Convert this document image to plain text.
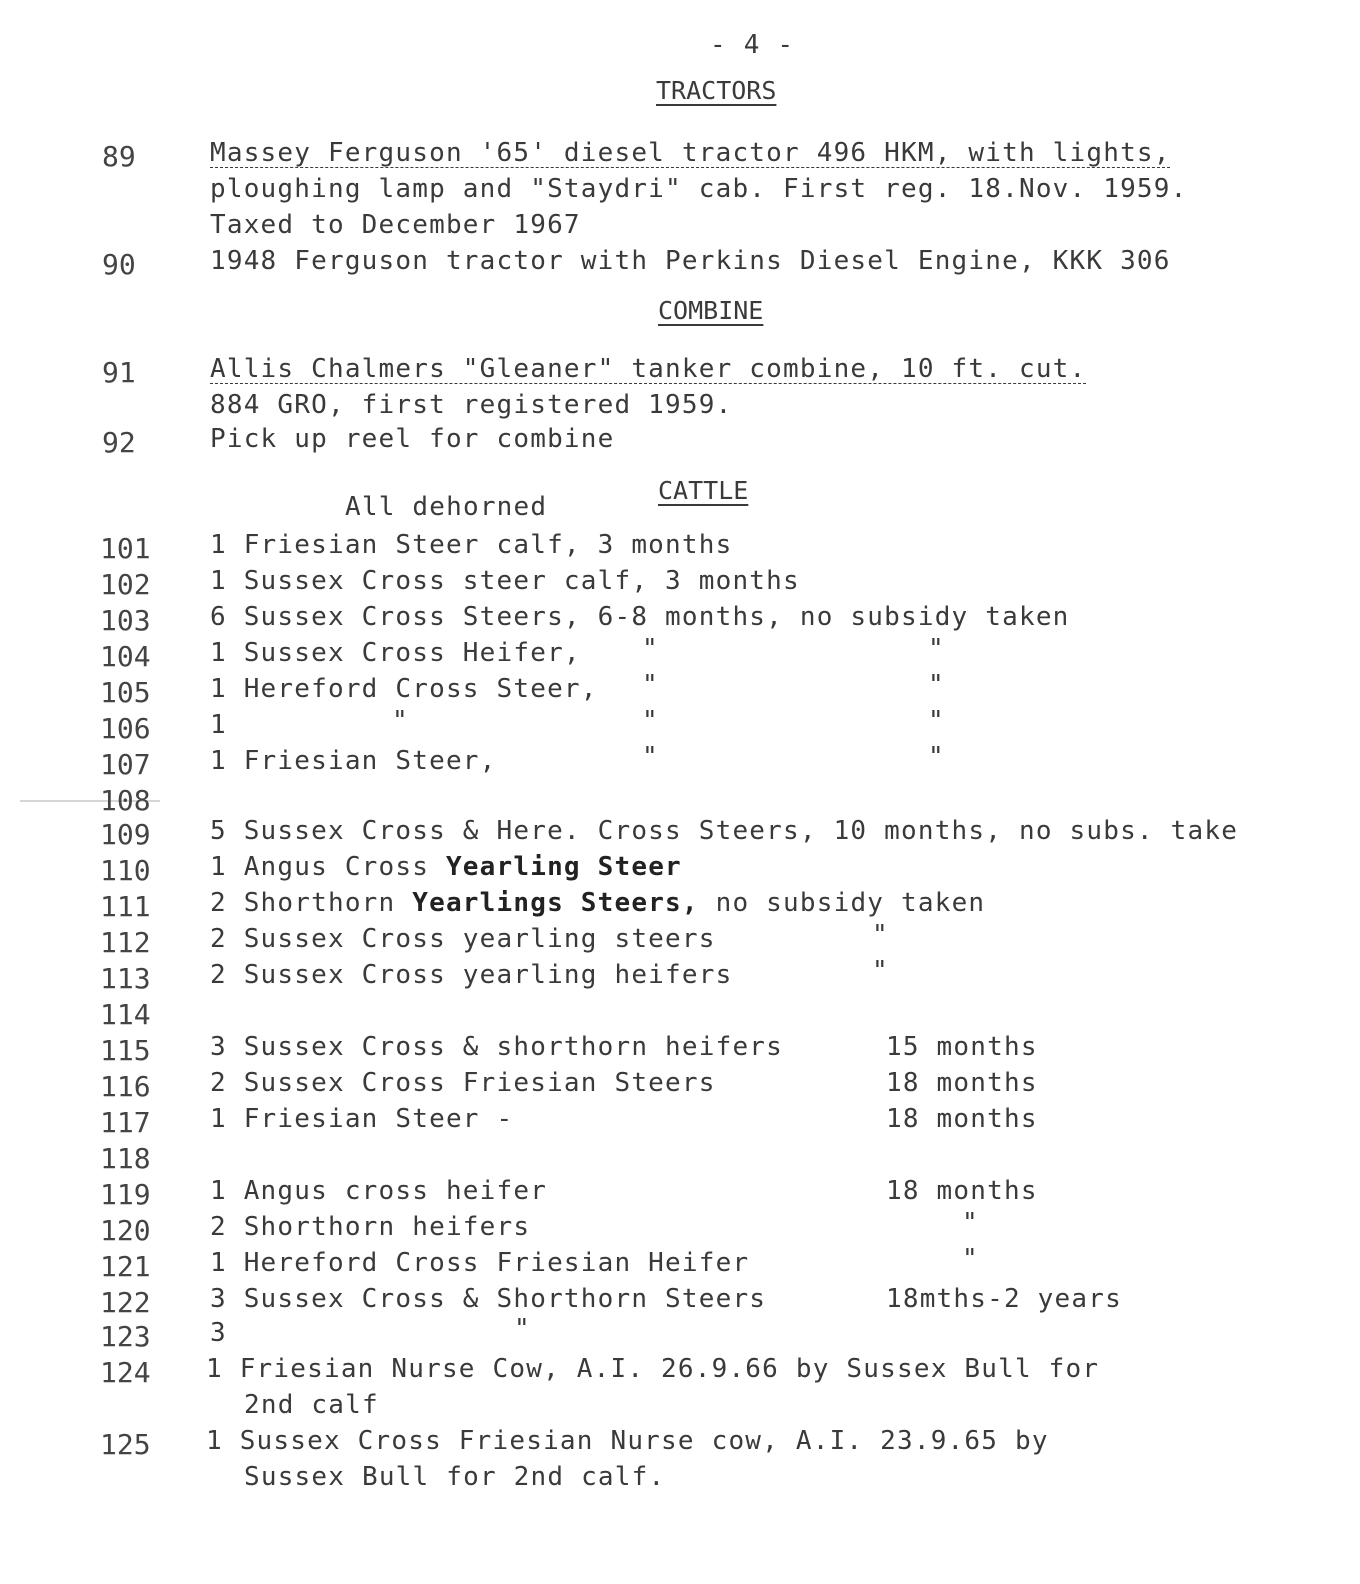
- 4 -
TRACTORS
89	Massey Ferguson '65' diesel tractor 496 HKM, with lights,
ploughing lamp and "Staydri" cab. First reg. 18.Nov. 1959.
Taxed to December 1967
90	1948 Ferguson tractor with Perkins Diesel Engine, KKK 306
COMBINE
91	Allis Chalmers "Gleaner" tanker combine, 10 ft. cut.
884 GRO, first registered 1959.
92	Pick up reel for combine
All dehorned
CATTLE
101 1 Friesian Steer calf, 3 months
102 1 Sussex Cross steer calf, 3 months
103 6 Sussex Cross Steers, 6-8 months, no subsidy taken
104 1 Sussex Cross Heifer, "	"
105 1 Hereford Cross Steer, "	"
106 1	"	"	"
107 1 Friesian Steer,	"	"
108
109 5 Sussex Cross & Here. Cross Steers, 10 months, no subs. take
110 1 Angus Cross Yearling Steer
111 2 Shorthorn Yearlings Steers, no subsidy taken
112 2 Sussex Cross yearling steers	"
113 2 Sussex Cross yearling heifers	"
114
115 3 Sussex Cross & shorthorn heifers	15 months
116 2 Sussex Cross Friesian Steers	18 months
117 1 Friesian Steer -	18 months
118
119 1 Angus cross heifer	18 months
120 2 Shorthorn heifers	"
121 1 Hereford Cross Friesian Heifer	"
122 3 Sussex Cross & Shorthorn Steers	18mths-2 years
123 3	"
124 1 Friesian Nurse Cow, A.I. 26.9.66 by Sussex Bull for
2nd calf
125 1 Sussex Cross Friesian Nurse cow, A.I. 23.9.65 by
Sussex Bull for 2nd calf.
